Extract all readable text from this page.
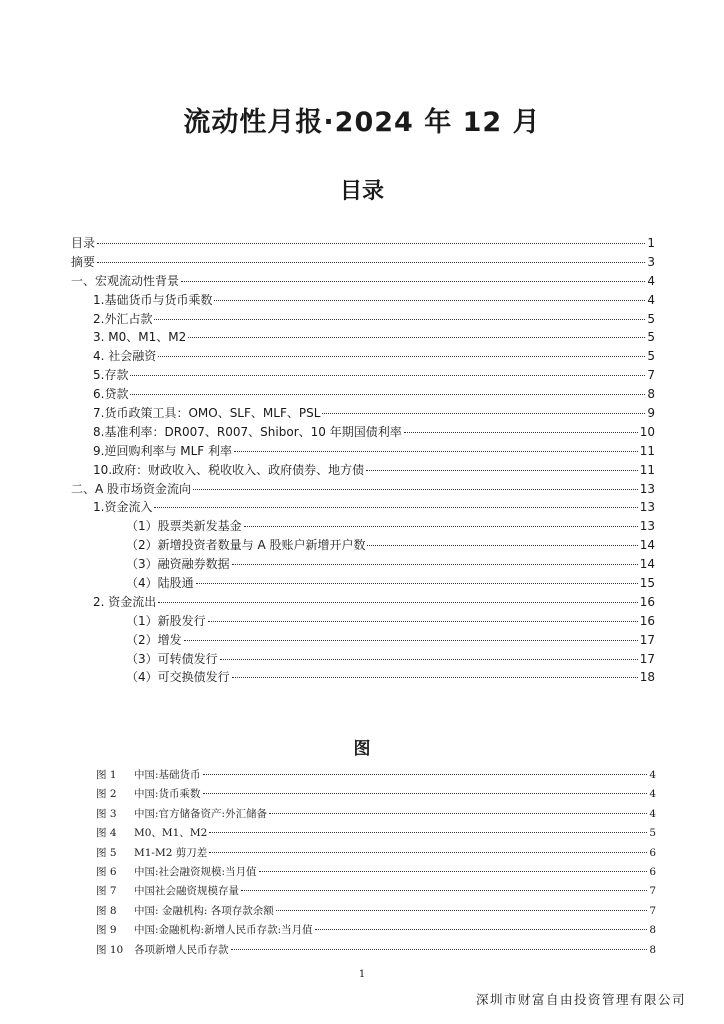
流动性月报·2024 年 12 月
目录
目录	1
摘要	3
一、宏观流动性背景	4
1.基础货币与货币乘数	4
2.外汇占款	5
3. M0、M1、M2	5
4. 社会融资	5
5.存款	7
6.贷款	8
7.货币政策工具：OMO、SLF、MLF、PSL	9
8.基准利率：DR007、R007、Shibor、10 年期国债利率	10
9.逆回购利率与 MLF 利率	11
10.政府：财政收入、税收收入、政府债券、地方债	11
二、A 股市场资金流向	13
1.资金流入	13
（1）股票类新发基金	13
（2）新增投资者数量与 A 股账户新增开户数	14
（3）融资融券数据	14
（4）陆股通	15
2. 资金流出	16
（1）新股发行	16
（2）增发	17
（3）可转债发行	17
（4）可交换债发行	18
图
图 1	中国:基础货币	4
图 2	中国:货币乘数	4
图 3	中国:官方储备资产:外汇储备	4
图 4	M0、M1、M2	5
图 5	M1-M2 剪刀差	6
图 6	中国:社会融资规模:当月值	6
图 7	中国社会融资规模存量	7
图 8	中国: 金融机构: 各项存款余额	7
图 9	中国:金融机构:新增人民币存款:当月值	8
图 10	各项新增人民币存款	8
1
深圳市财富自由投资管理有限公司
